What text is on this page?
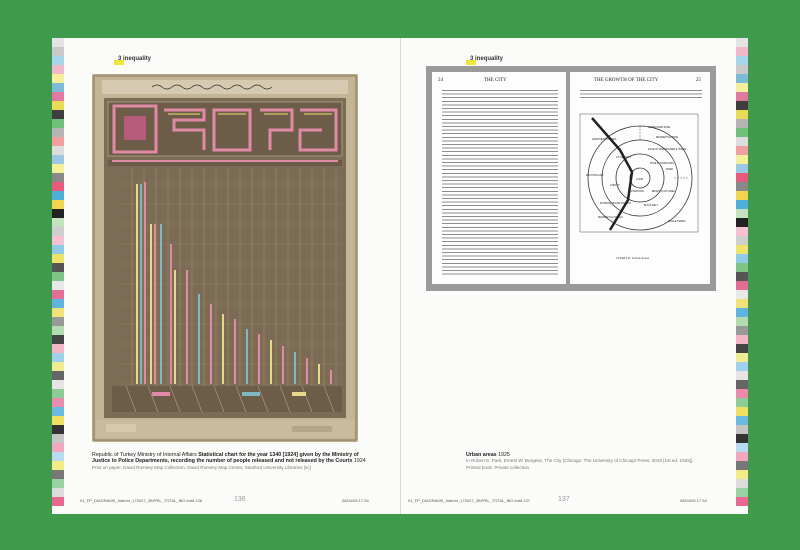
3 inequality
Republic of Turkey Ministry of Internal Affairs Statistical chart for the year 1340 [1924] given by the Ministry of Justice to Police Departments, recording the number of people released and not released by the Courts 1924
Print on paper. David Rumsey Map Collection, David Rumsey Map Center, Stanford University Libraries [sc]
01_FP_DIAGRAMS_Interior_170427_3APRIL_TOTAL_IBO.indd 136	136	08/04/05 17:34
3 inequality
24	THE CITY	THE GROWTH OF THE CITY	25
LOOP
ZONE IN TRANSITION
ZONE OF WORKINGMEN'S HOMES
RESIDENTIAL ZONE
COMMUTERS ZONE
CHINATOWN
LITTLE SICILY
DEUTSCHLAND
GHETTO
BLACK BELT
RESIDENTIAL HOTELS
BRIGHT LIGHT AREA
APARTMENT HOUSES
SINGLE HOMES
ROOMING HOUSE DISTRICT
MIXED
CHART II. Urban Areas
Urban areas 1925
In Robert E. Park, Ernest W. Burgess, The City (Chicago: The University of Chicago Press, 2019 [1st ed. 1925]).
Printed book. Private collection
01_FP_DIAGRAMS_Interior_170427_3APRIL_TOTAL_IBO.indd 137	137	08/04/05 17:34
